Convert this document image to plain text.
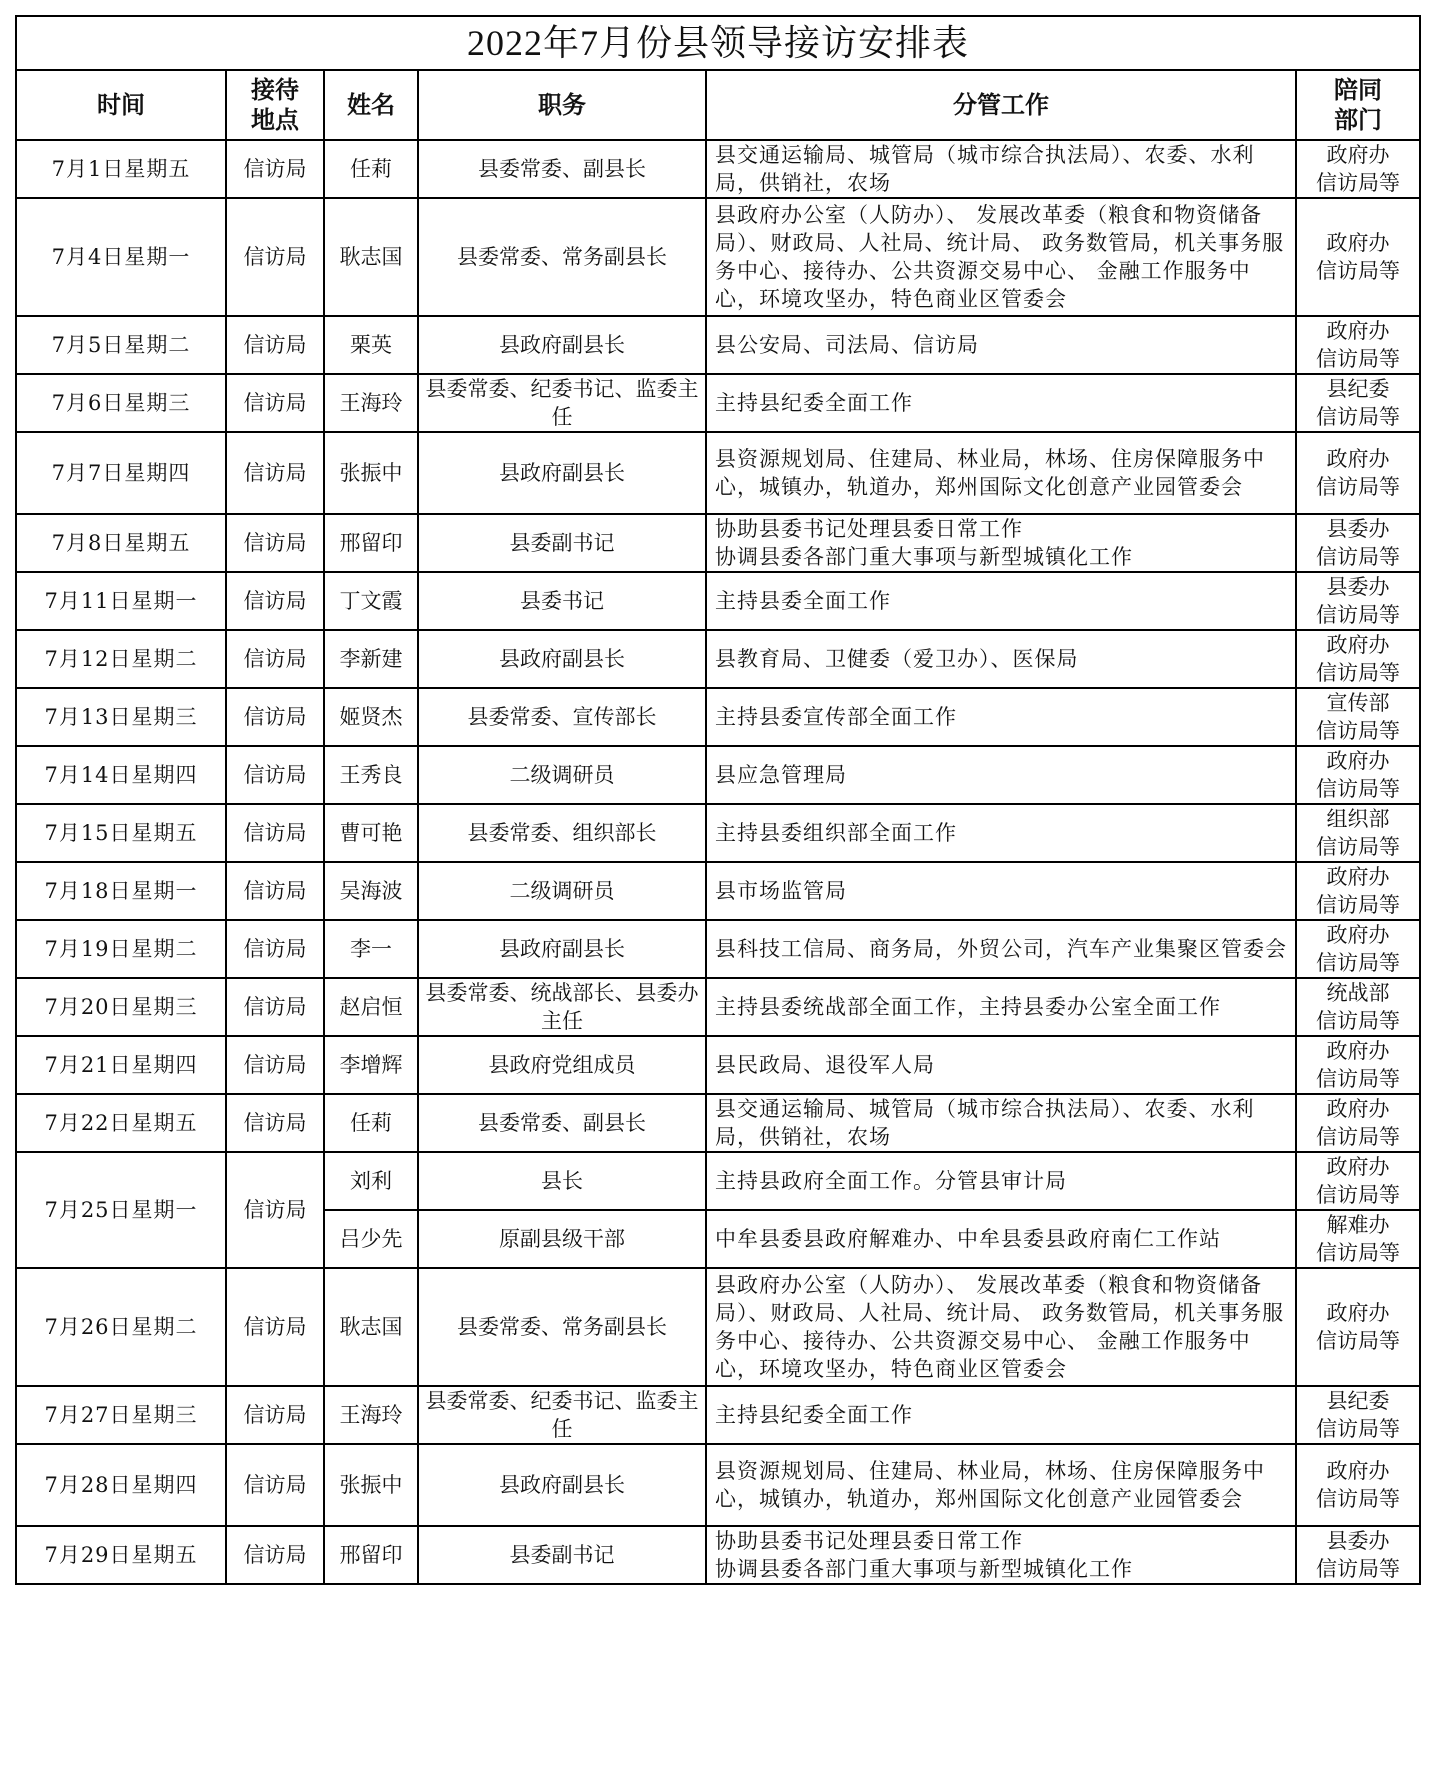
2022年7月份县领导接访安排表					
时间	接待
地点	姓名	职务	分管工作	陪同
部门
7月1日星期五	信访局	任莉	县委常委、副县长	县交通运输局、城管局（城市综合执法局）、农委、水利局，供销社，农场	政府办
信访局等
7月4日星期一	信访局	耿志国	县委常委、常务副县长	县政府办公室（人防办）、 发展改革委（粮食和物资储备局）、财政局、人社局、统计局、 政务数管局，机关事务服务中心、接待办、公共资源交易中心、 金融工作服务中心，环境攻坚办，特色商业区管委会	政府办
信访局等
7月5日星期二	信访局	栗英	县政府副县长	县公安局、司法局、信访局	政府办
信访局等
7月6日星期三	信访局	王海玲	县委常委、纪委书记、监委主任	主持县纪委全面工作	县纪委
信访局等
7月7日星期四	信访局	张振中	县政府副县长	县资源规划局、住建局、林业局，林场、住房保障服务中心，城镇办，轨道办，郑州国际文化创意产业园管委会	政府办
信访局等
7月8日星期五	信访局	邢留印	县委副书记	协助县委书记处理县委日常工作
协调县委各部门重大事项与新型城镇化工作	县委办
信访局等
7月11日星期一	信访局	丁文霞	县委书记	主持县委全面工作	县委办
信访局等
7月12日星期二	信访局	李新建	县政府副县长	县教育局、卫健委（爱卫办）、医保局	政府办
信访局等
7月13日星期三	信访局	姬贤杰	县委常委、宣传部长	主持县委宣传部全面工作	宣传部
信访局等
7月14日星期四	信访局	王秀良	二级调研员	县应急管理局	政府办
信访局等
7月15日星期五	信访局	曹可艳	县委常委、组织部长	主持县委组织部全面工作	组织部
信访局等
7月18日星期一	信访局	吴海波	二级调研员	县市场监管局	政府办
信访局等
7月19日星期二	信访局	李一	县政府副县长	县科技工信局、商务局，外贸公司，汽车产业集聚区管委会	政府办
信访局等
7月20日星期三	信访局	赵启恒	县委常委、统战部长、县委办主任	主持县委统战部全面工作，主持县委办公室全面工作	统战部
信访局等
7月21日星期四	信访局	李增辉	县政府党组成员	县民政局、退役军人局	政府办
信访局等
7月22日星期五	信访局	任莉	县委常委、副县长	县交通运输局、城管局（城市综合执法局）、农委、水利局，供销社，农场	政府办
信访局等
7月25日星期一	信访局	刘利	县长	主持县政府全面工作。分管县审计局	政府办
信访局等
		吕少先	原副县级干部	中牟县委县政府解难办、中牟县委县政府南仁工作站	解难办
信访局等
7月26日星期二	信访局	耿志国	县委常委、常务副县长	县政府办公室（人防办）、 发展改革委（粮食和物资储备局）、财政局、人社局、统计局、 政务数管局，机关事务服务中心、接待办、公共资源交易中心、 金融工作服务中心，环境攻坚办，特色商业区管委会	政府办
信访局等
7月27日星期三	信访局	王海玲	县委常委、纪委书记、监委主任	主持县纪委全面工作	县纪委
信访局等
7月28日星期四	信访局	张振中	县政府副县长	县资源规划局、住建局、林业局，林场、住房保障服务中心，城镇办，轨道办，郑州国际文化创意产业园管委会	政府办
信访局等
7月29日星期五	信访局	邢留印	县委副书记	协助县委书记处理县委日常工作
协调县委各部门重大事项与新型城镇化工作	县委办
信访局等
